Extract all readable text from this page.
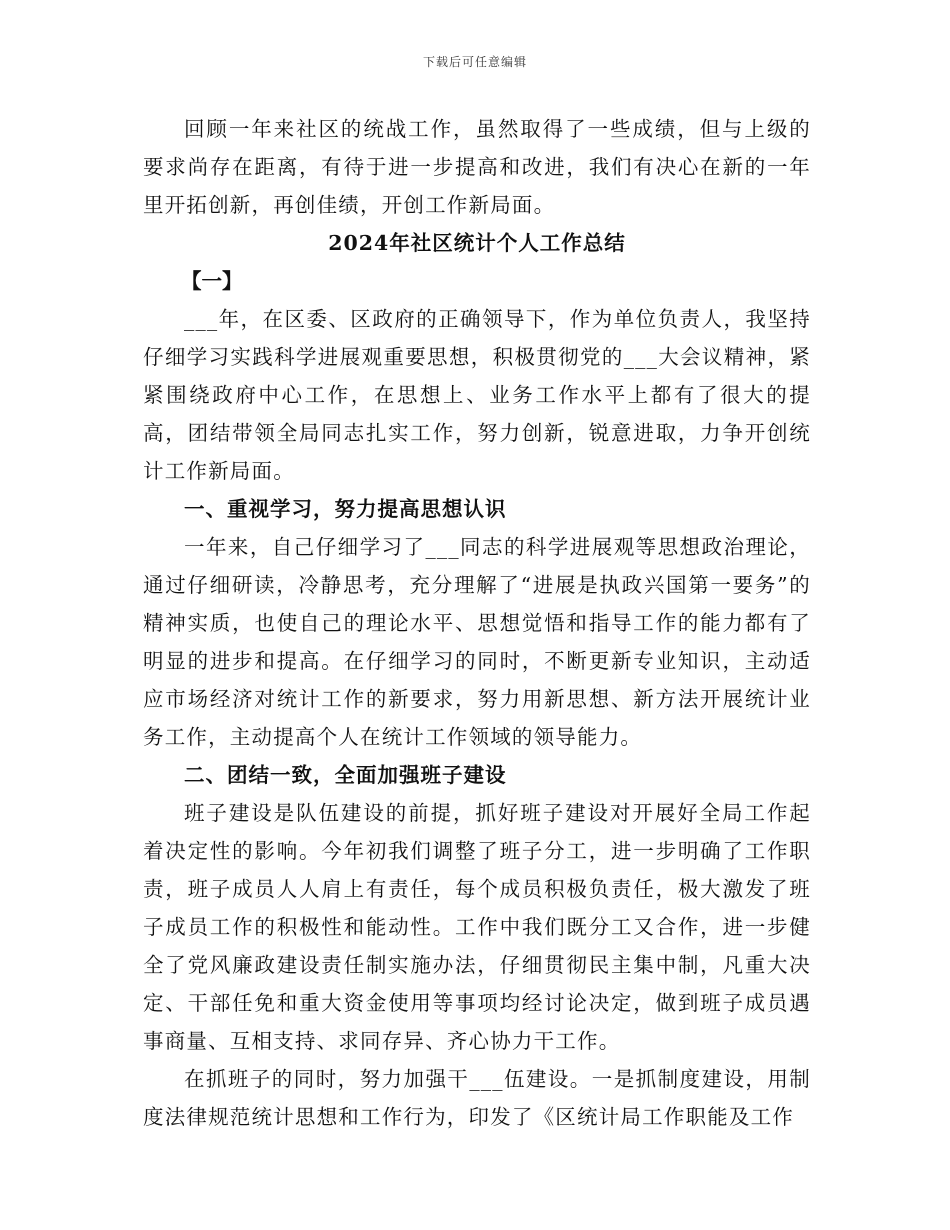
下载后可任意编辑

回顾一年来社区的统战工作，虽然取得了一些成绩，但与上级的要求尚存在距离，有待于进一步提高和改进，我们有决心在新的一年里开拓创新，再创佳绩，开创工作新局面。

2024年社区统计个人工作总结

【一】

___年，在区委、区政府的正确领导下，作为单位负责人，我坚持仔细学习实践科学进展观重要思想，积极贯彻党的___大会议精神，紧紧围绕政府中心工作，在思想上、业务工作水平上都有了很大的提高，团结带领全局同志扎实工作，努力创新，锐意进取，力争开创统计工作新局面。

一、重视学习，努力提高思想认识

一年来，自己仔细学习了___同志的科学进展观等思想政治理论，通过仔细研读，冷静思考，充分理解了“进展是执政兴国第一要务”的精神实质，也使自己的理论水平、思想觉悟和指导工作的能力都有了明显的进步和提高。在仔细学习的同时，不断更新专业知识，主动适应市场经济对统计工作的新要求，努力用新思想、新方法开展统计业务工作，主动提高个人在统计工作领域的领导能力。

二、团结一致，全面加强班子建设

班子建设是队伍建设的前提，抓好班子建设对开展好全局工作起着决定性的影响。今年初我们调整了班子分工，进一步明确了工作职责，班子成员人人肩上有责任，每个成员积极负责任，极大激发了班子成员工作的积极性和能动性。工作中我们既分工又合作，进一步健全了党风廉政建设责任制实施办法，仔细贯彻民主集中制，凡重大决定、干部任免和重大资金使用等事项均经讨论决定，做到班子成员遇事商量、互相支持、求同存异、齐心协力干工作。

在抓班子的同时，努力加强干___伍建设。一是抓制度建设，用制度法律规范统计思想和工作行为，印发了《区统计局工作职能及工作
